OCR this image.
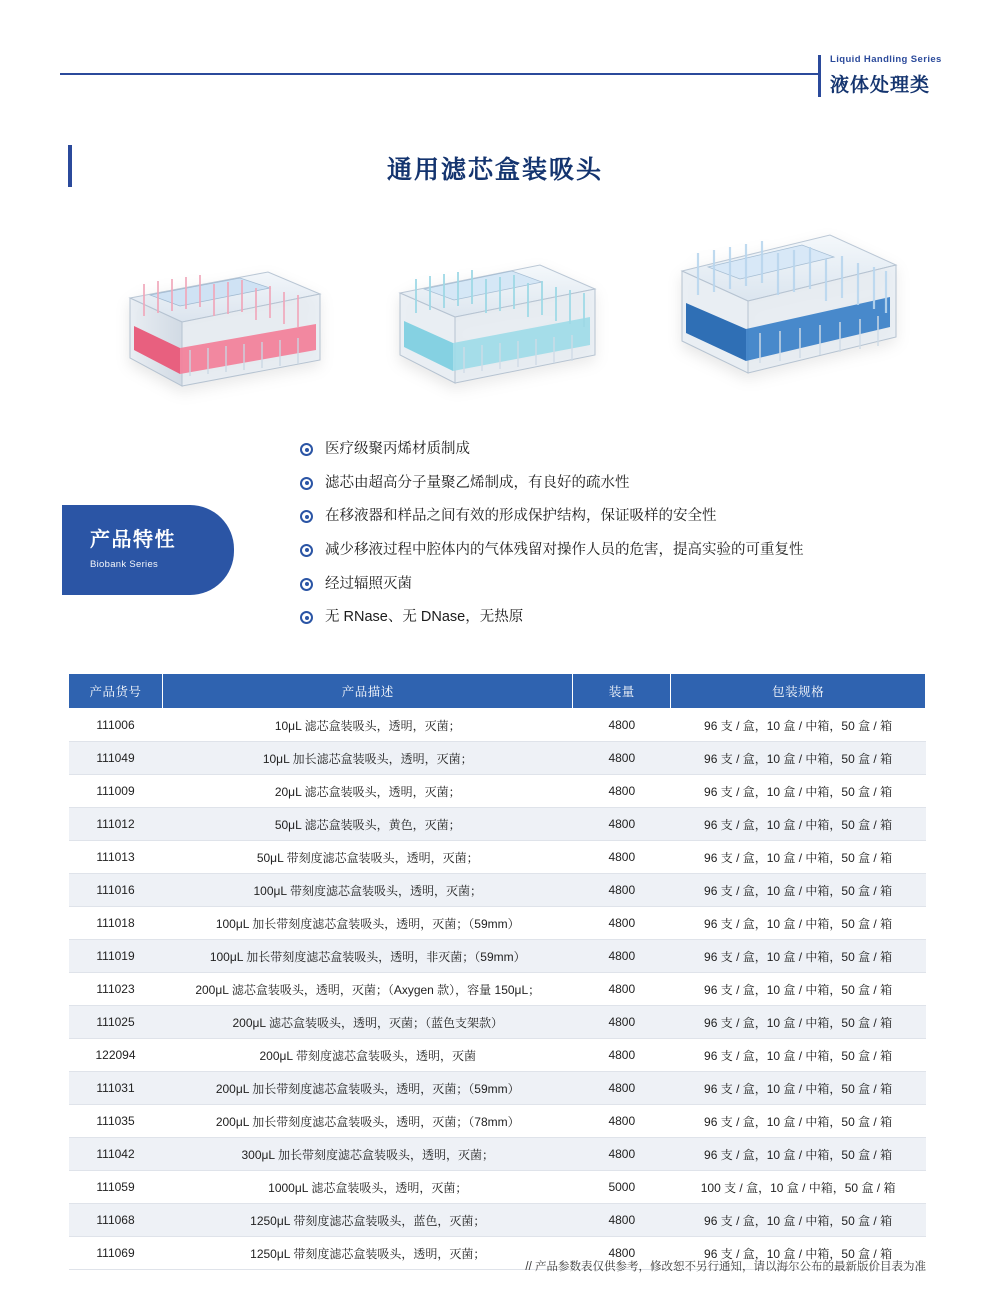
Liquid Handling Series
液体处理类
通用滤芯盒装吸头
产品特性
Biobank Series
医疗级聚丙烯材质制成
滤芯由超高分子量聚乙烯制成，有良好的疏水性
在移液器和样品之间有效的形成保护结构，保证吸样的安全性
减少移液过程中腔体内的气体残留对操作人员的危害，提高实验的可重复性
经过辐照灭菌
无 RNase、无 DNase，无热原
产品货号	产品描述	装量	包装规格
111006	10μL 滤芯盒装吸头，透明，灭菌；	4800	96 支 / 盒，10 盒 / 中箱，50 盒 / 箱
111049	10μL 加长滤芯盒装吸头，透明，灭菌；	4800	96 支 / 盒，10 盒 / 中箱，50 盒 / 箱
111009	20μL 滤芯盒装吸头，透明，灭菌；	4800	96 支 / 盒，10 盒 / 中箱，50 盒 / 箱
111012	50μL 滤芯盒装吸头，黄色，灭菌；	4800	96 支 / 盒，10 盒 / 中箱，50 盒 / 箱
111013	50μL 带刻度滤芯盒装吸头，透明，灭菌；	4800	96 支 / 盒，10 盒 / 中箱，50 盒 / 箱
111016	100μL 带刻度滤芯盒装吸头，透明，灭菌；	4800	96 支 / 盒，10 盒 / 中箱，50 盒 / 箱
111018	100μL 加长带刻度滤芯盒装吸头，透明，灭菌；（59mm）	4800	96 支 / 盒，10 盒 / 中箱，50 盒 / 箱
111019	100μL 加长带刻度滤芯盒装吸头，透明，非灭菌；（59mm）	4800	96 支 / 盒，10 盒 / 中箱，50 盒 / 箱
111023	200μL 滤芯盒装吸头，透明，灭菌；（Axygen 款），容量 150μL；	4800	96 支 / 盒，10 盒 / 中箱，50 盒 / 箱
111025	200μL 滤芯盒装吸头，透明，灭菌；（蓝色支架款）	4800	96 支 / 盒，10 盒 / 中箱，50 盒 / 箱
122094	200μL 带刻度滤芯盒装吸头，透明，灭菌	4800	96 支 / 盒，10 盒 / 中箱，50 盒 / 箱
111031	200μL 加长带刻度滤芯盒装吸头，透明，灭菌；（59mm）	4800	96 支 / 盒，10 盒 / 中箱，50 盒 / 箱
111035	200μL 加长带刻度滤芯盒装吸头，透明，灭菌；（78mm）	4800	96 支 / 盒，10 盒 / 中箱，50 盒 / 箱
111042	300μL 加长带刻度滤芯盒装吸头，透明，灭菌；	4800	96 支 / 盒，10 盒 / 中箱，50 盒 / 箱
111059	1000μL 滤芯盒装吸头，透明，灭菌；	5000	100 支 / 盒，10 盒 / 中箱，50 盒 / 箱
111068	1250μL 带刻度滤芯盒装吸头，蓝色，灭菌；	4800	96 支 / 盒，10 盒 / 中箱，50 盒 / 箱
111069	1250μL 带刻度滤芯盒装吸头，透明，灭菌；	4800	96 支 / 盒，10 盒 / 中箱，50 盒 / 箱
// 产品参数表仅供参考，修改恕不另行通知，请以海尔公布的最新版价目表为准
